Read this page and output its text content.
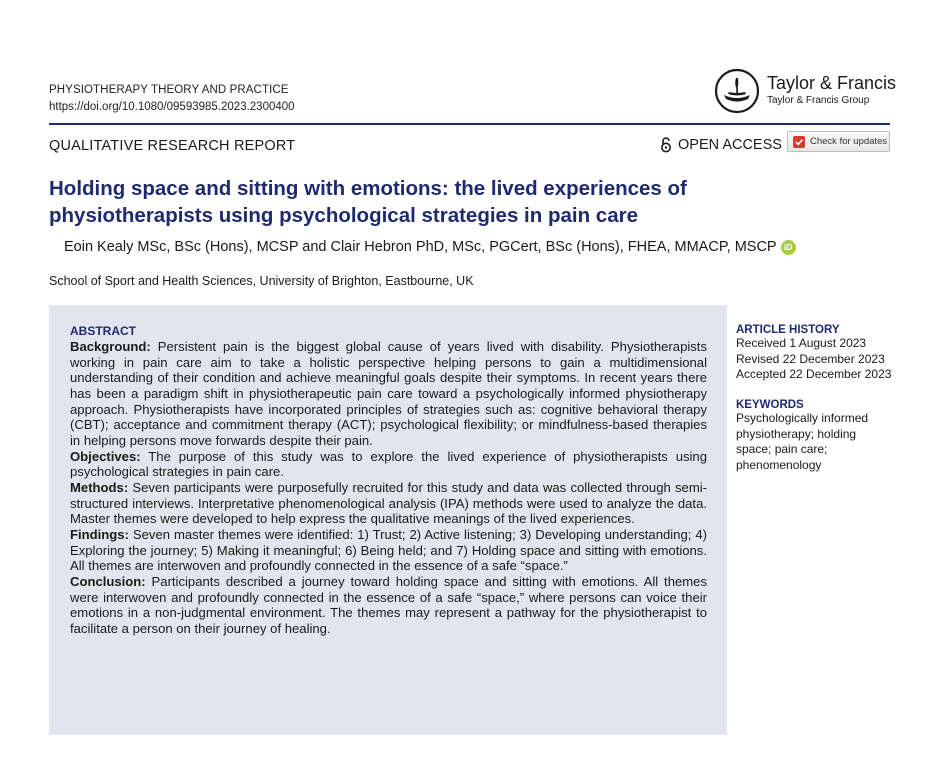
PHYSIOTHERAPY THEORY AND PRACTICE
https://doi.org/10.1080/09593985.2023.2300400
Taylor & Francis
Taylor & Francis Group
QUALITATIVE RESEARCH REPORT	OPEN ACCESS	Check for updates
Holding space and sitting with emotions: the lived experiences of
physiotherapists using psychological strategies in pain care
Eoin Kealy MSc, BSc (Hons), MCSP and Clair Hebron PhD, MSc, PGCert, BSc (Hons), FHEA, MMACP, MSCP iD
School of Sport and Health Sciences, University of Brighton, Eastbourne, UK
ABSTRACT

Background: Persistent pain is the biggest global cause of years lived with disability. Physiotherapists working in pain care aim to take a holistic perspective helping persons to gain a multidimensional understanding of their condition and achieve meaningful goals despite their symptoms. In recent years there has been a paradigm shift in physiotherapeutic pain care toward a psychologically informed physiotherapy approach. Physiotherapists have incorporated principles of strategies such as: cognitive behavioral therapy (CBT); acceptance and commitment therapy (ACT); psychological flexibility; or mindfulness-based therapies in helping persons move forwards despite their pain.

Objectives: The purpose of this study was to explore the lived experience of physiotherapists using psychological strategies in pain care.

Methods: Seven participants were purposefully recruited for this study and data was collected through semi-structured interviews. Interpretative phenomenological analysis (IPA) methods were used to analyze the data. Master themes were developed to help express the qualitative meanings of the lived experiences.

Findings: Seven master themes were identified: 1) Trust; 2) Active listening; 3) Developing understanding; 4) Exploring the journey; 5) Making it meaningful; 6) Being held; and 7) Holding space and sitting with emotions. All themes are interwoven and profoundly connected in the essence of a safe “space.”

Conclusion: Participants described a journey toward holding space and sitting with emotions. All themes were interwoven and profoundly connected in the essence of a safe “space,” where persons can voice their emotions in a non-judgmental environment. The themes may represent a pathway for the physiotherapist to facilitate a person on their journey of healing.

ARTICLE HISTORY
Received 1 August 2023
Revised 22 December 2023
Accepted 22 December 2023
KEYWORDS
Psychologically informed physiotherapy; holding space; pain care; phenomenology
